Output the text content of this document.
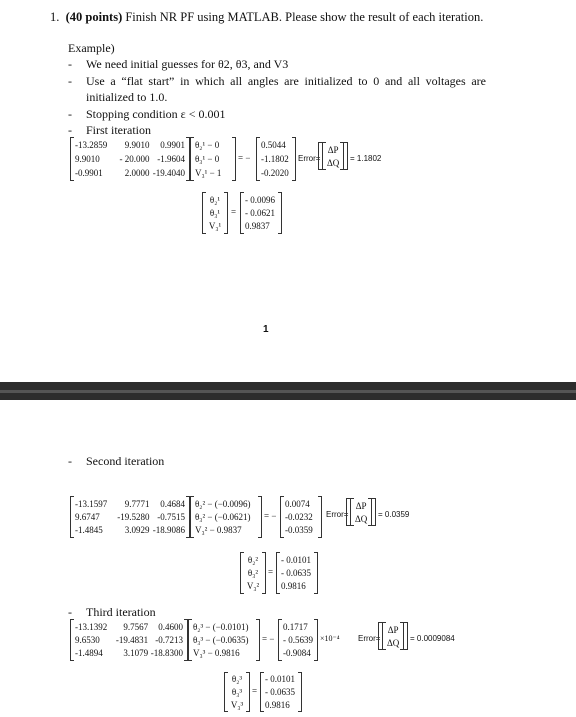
1. (40 points) Finish NR PF using MATLAB. Please show the result of each iteration.
Example)
- We need initial guesses for θ2, θ3, and V3
- Use a “flat start” in which all angles are initialized to 0 and all voltages are
initialized to 1.0.
- Stopping condition ε < 0.001
- First iteration
-13.2859	9.9010	0.9901
9.9010	- 20.000 -1.9604
-0.9901	2.0000 -19.4040
θ₂¹ − 0
θ₃¹ − 0
V₃¹ − 1
= −
0.5044
-1.1802
-0.2020
Error=
ΔP
ΔQ = 1.1802
θ₂¹
θ₃¹
V₃¹
=
- 0.0096
- 0.0621
0.9837
1
- Second iteration
-13.1597	9.7771	0.4684
9.6747	-19.5280 -0.7515
-1.4845	3.0929 -18.9086
θ₂² − (−0.0096)
θ₃² − (−0.0621)
V₃² − 0.9837
= −
0.0074
-0.0232
-0.0359
Error=
ΔP
ΔQ = 0.0359
θ₂²
θ₃²
V₃²
=
- 0.0101
- 0.0635
0.9816
- Third iteration
-13.1392	9.7567	0.4600
9.6530	-19.4831 -0.7213
-1.4894	3.1079 -18.8300
θ₂³ − (−0.0101)
θ₃³ − (−0.0635)
V₃³ − 0.9816
= −
0.1717
- 0.5639
-0.9084
×10⁻⁴ Error=
ΔP
ΔQ = 0.0009084
θ₂³
θ₃³
V₃³
=
- 0.0101
- 0.0635
0.9816
